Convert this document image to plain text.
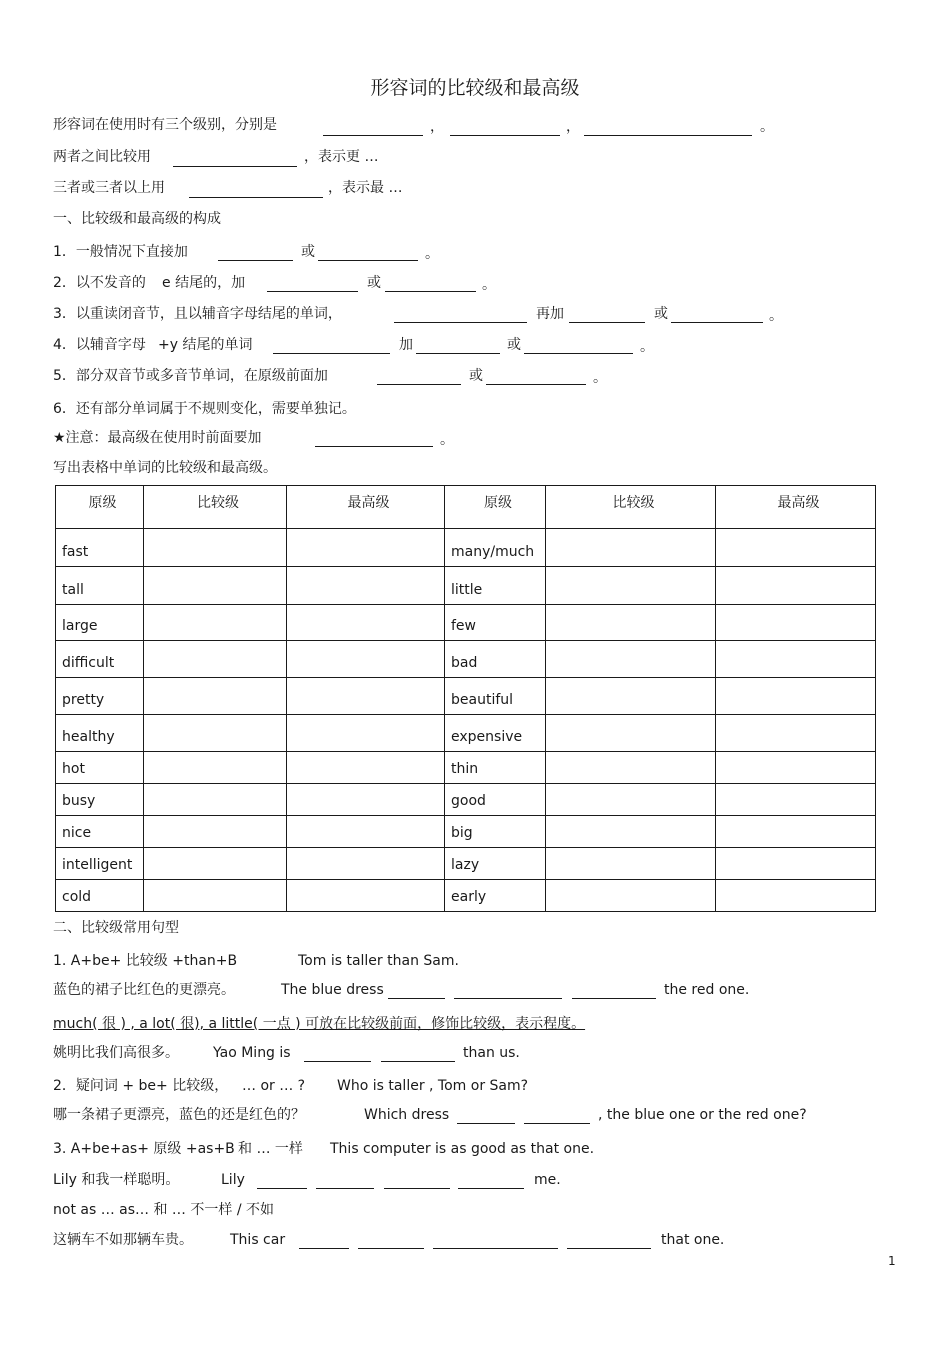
形容词的比较级和最高级
形容词在使用时有三个级别，分别是	，	，	。
两者之间比较用	，表示更 …
三者或三者以上用	，表示最 …
一、比较级和最高级的构成
1．一般情况下直接加	或	。
2．以不发音的 e 结尾的，加	或	。
3．以重读闭音节，且以辅音字母结尾的单词，	再加	或	。
4．以辅音字母 +y 结尾的单词	加	或	。
5．部分双音节或多音节单词，在原级前面加	或	。
6．还有部分单词属于不规则变化，需要单独记。
★注意：最高级在使用时前面要加	。
写出表格中单词的比较级和最高级。
原级	比较级	最高级	原级	比较级	最高级
fast			many/much		
tall			little		
large			few		
difficult			bad		
pretty			beautiful		
healthy			expensive		
hot			thin		
busy			good		
nice			big		
intelligent			lazy		
cold			early		
二、比较级常用句型
1. A+be+ 比较级 +than+B	Tom is taller than Sam.
蓝色的裙子比红色的更漂亮。	The blue dress	the red one.
much( 很 ) , a lot( 很), a little( 一点 ) 可放在比较级前面，修饰比较级，表示程度。
姚明比我们高很多。 Yao Ming is	than us.
2．疑问词 + be+ 比较级， … or … ? Who is taller , Tom or Sam?
哪一条裙子更漂亮，蓝色的还是红色的？	Which dress	, the blue one or the red one?
3. A+be+as+ 原级 +as+B 和 … 一样 This computer is as good as that one.
Lily 和我一样聪明。	Lily	me.
not as … as… 和 … 不一样 / 不如
这辆车不如那辆车贵。	This car	that one.
1
